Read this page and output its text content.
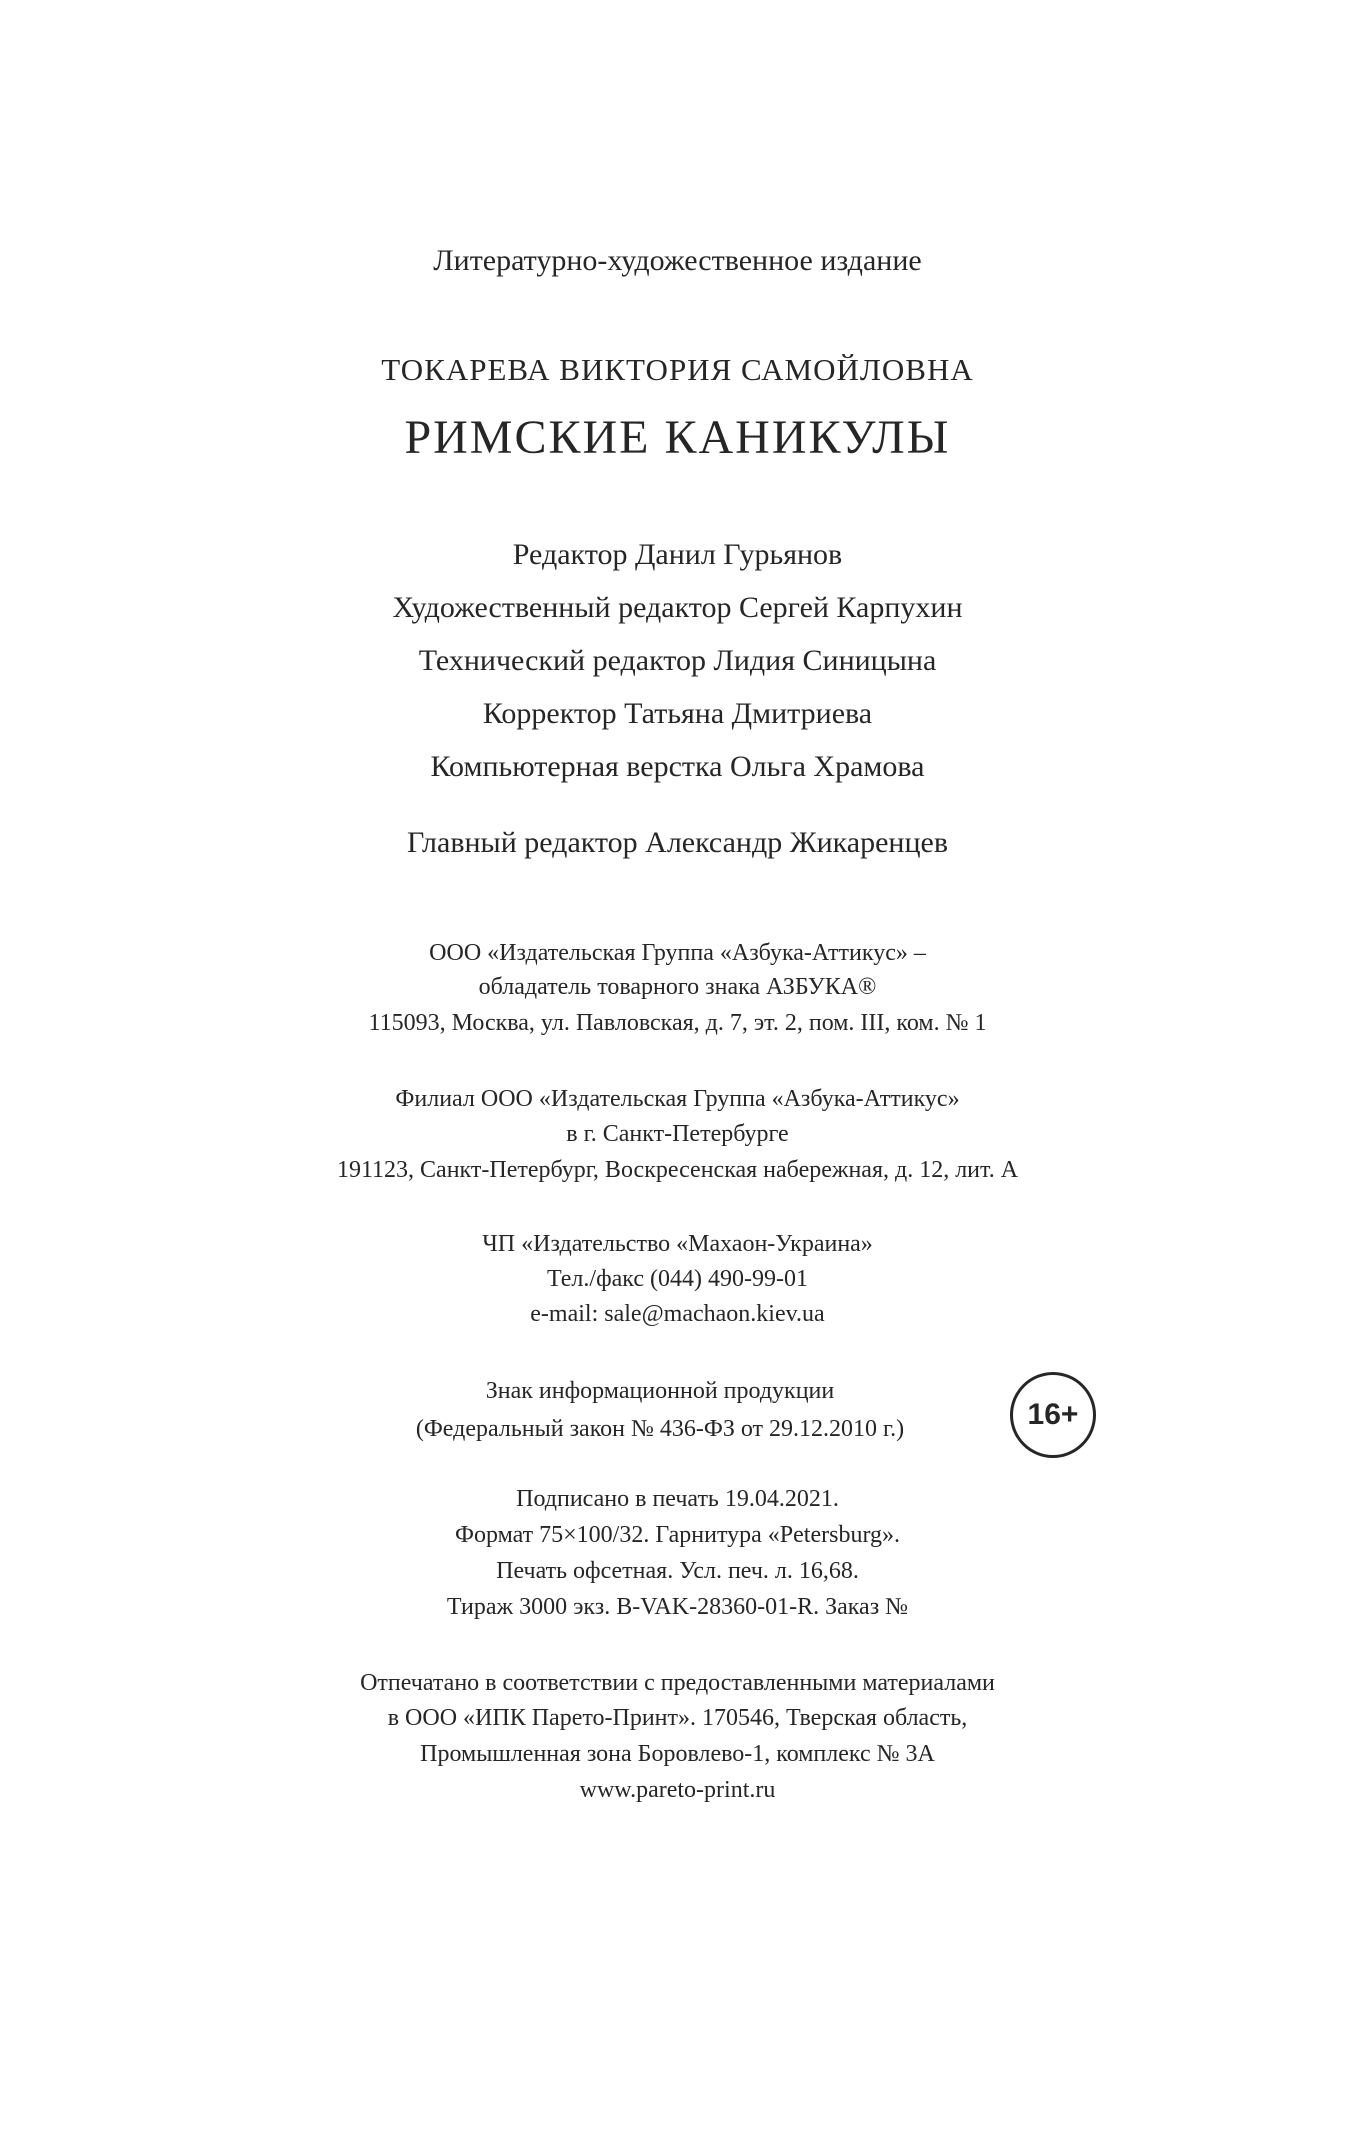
Литературно-художественное издание
ТОКАРЕВА ВИКТОРИЯ САМОЙЛОВНА
РИМСКИЕ КАНИКУЛЫ
Редактор Данил Гурьянов
Художественный редактор Сергей Карпухин
Технический редактор Лидия Синицына
Корректор Татьяна Дмитриева
Компьютерная верстка Ольга Храмова
Главный редактор Александр Жикаренцев
ООО «Издательская Группа «Азбука-Аттикус» –
обладатель товарного знака АЗБУКА®
115093, Москва, ул. Павловская, д. 7, эт. 2, пом. III, ком. № 1
Филиал ООО «Издательская Группа «Азбука-Аттикус»
в г. Санкт-Петербурге
191123, Санкт-Петербург, Воскресенская набережная, д. 12, лит. А
ЧП «Издательство «Махаон-Украина»
Тел./факс (044) 490-99-01
e-mail: sale@machaon.kiev.ua
Знак информационной продукции
(Федеральный закон № 436-ФЗ от 29.12.2010 г.)	16+
Подписано в печать 19.04.2021.
Формат 75×100/32. Гарнитура «Petersburg».
Печать офсетная. Усл. печ. л. 16,68.
Тираж 3000 экз. B-VAK-28360-01-R. Заказ №
Отпечатано в соответствии с предоставленными материалами
в ООО «ИПК Парето-Принт». 170546, Тверская область,
Промышленная зона Боровлево-1, комплекс № 3А
www.pareto-print.ru
